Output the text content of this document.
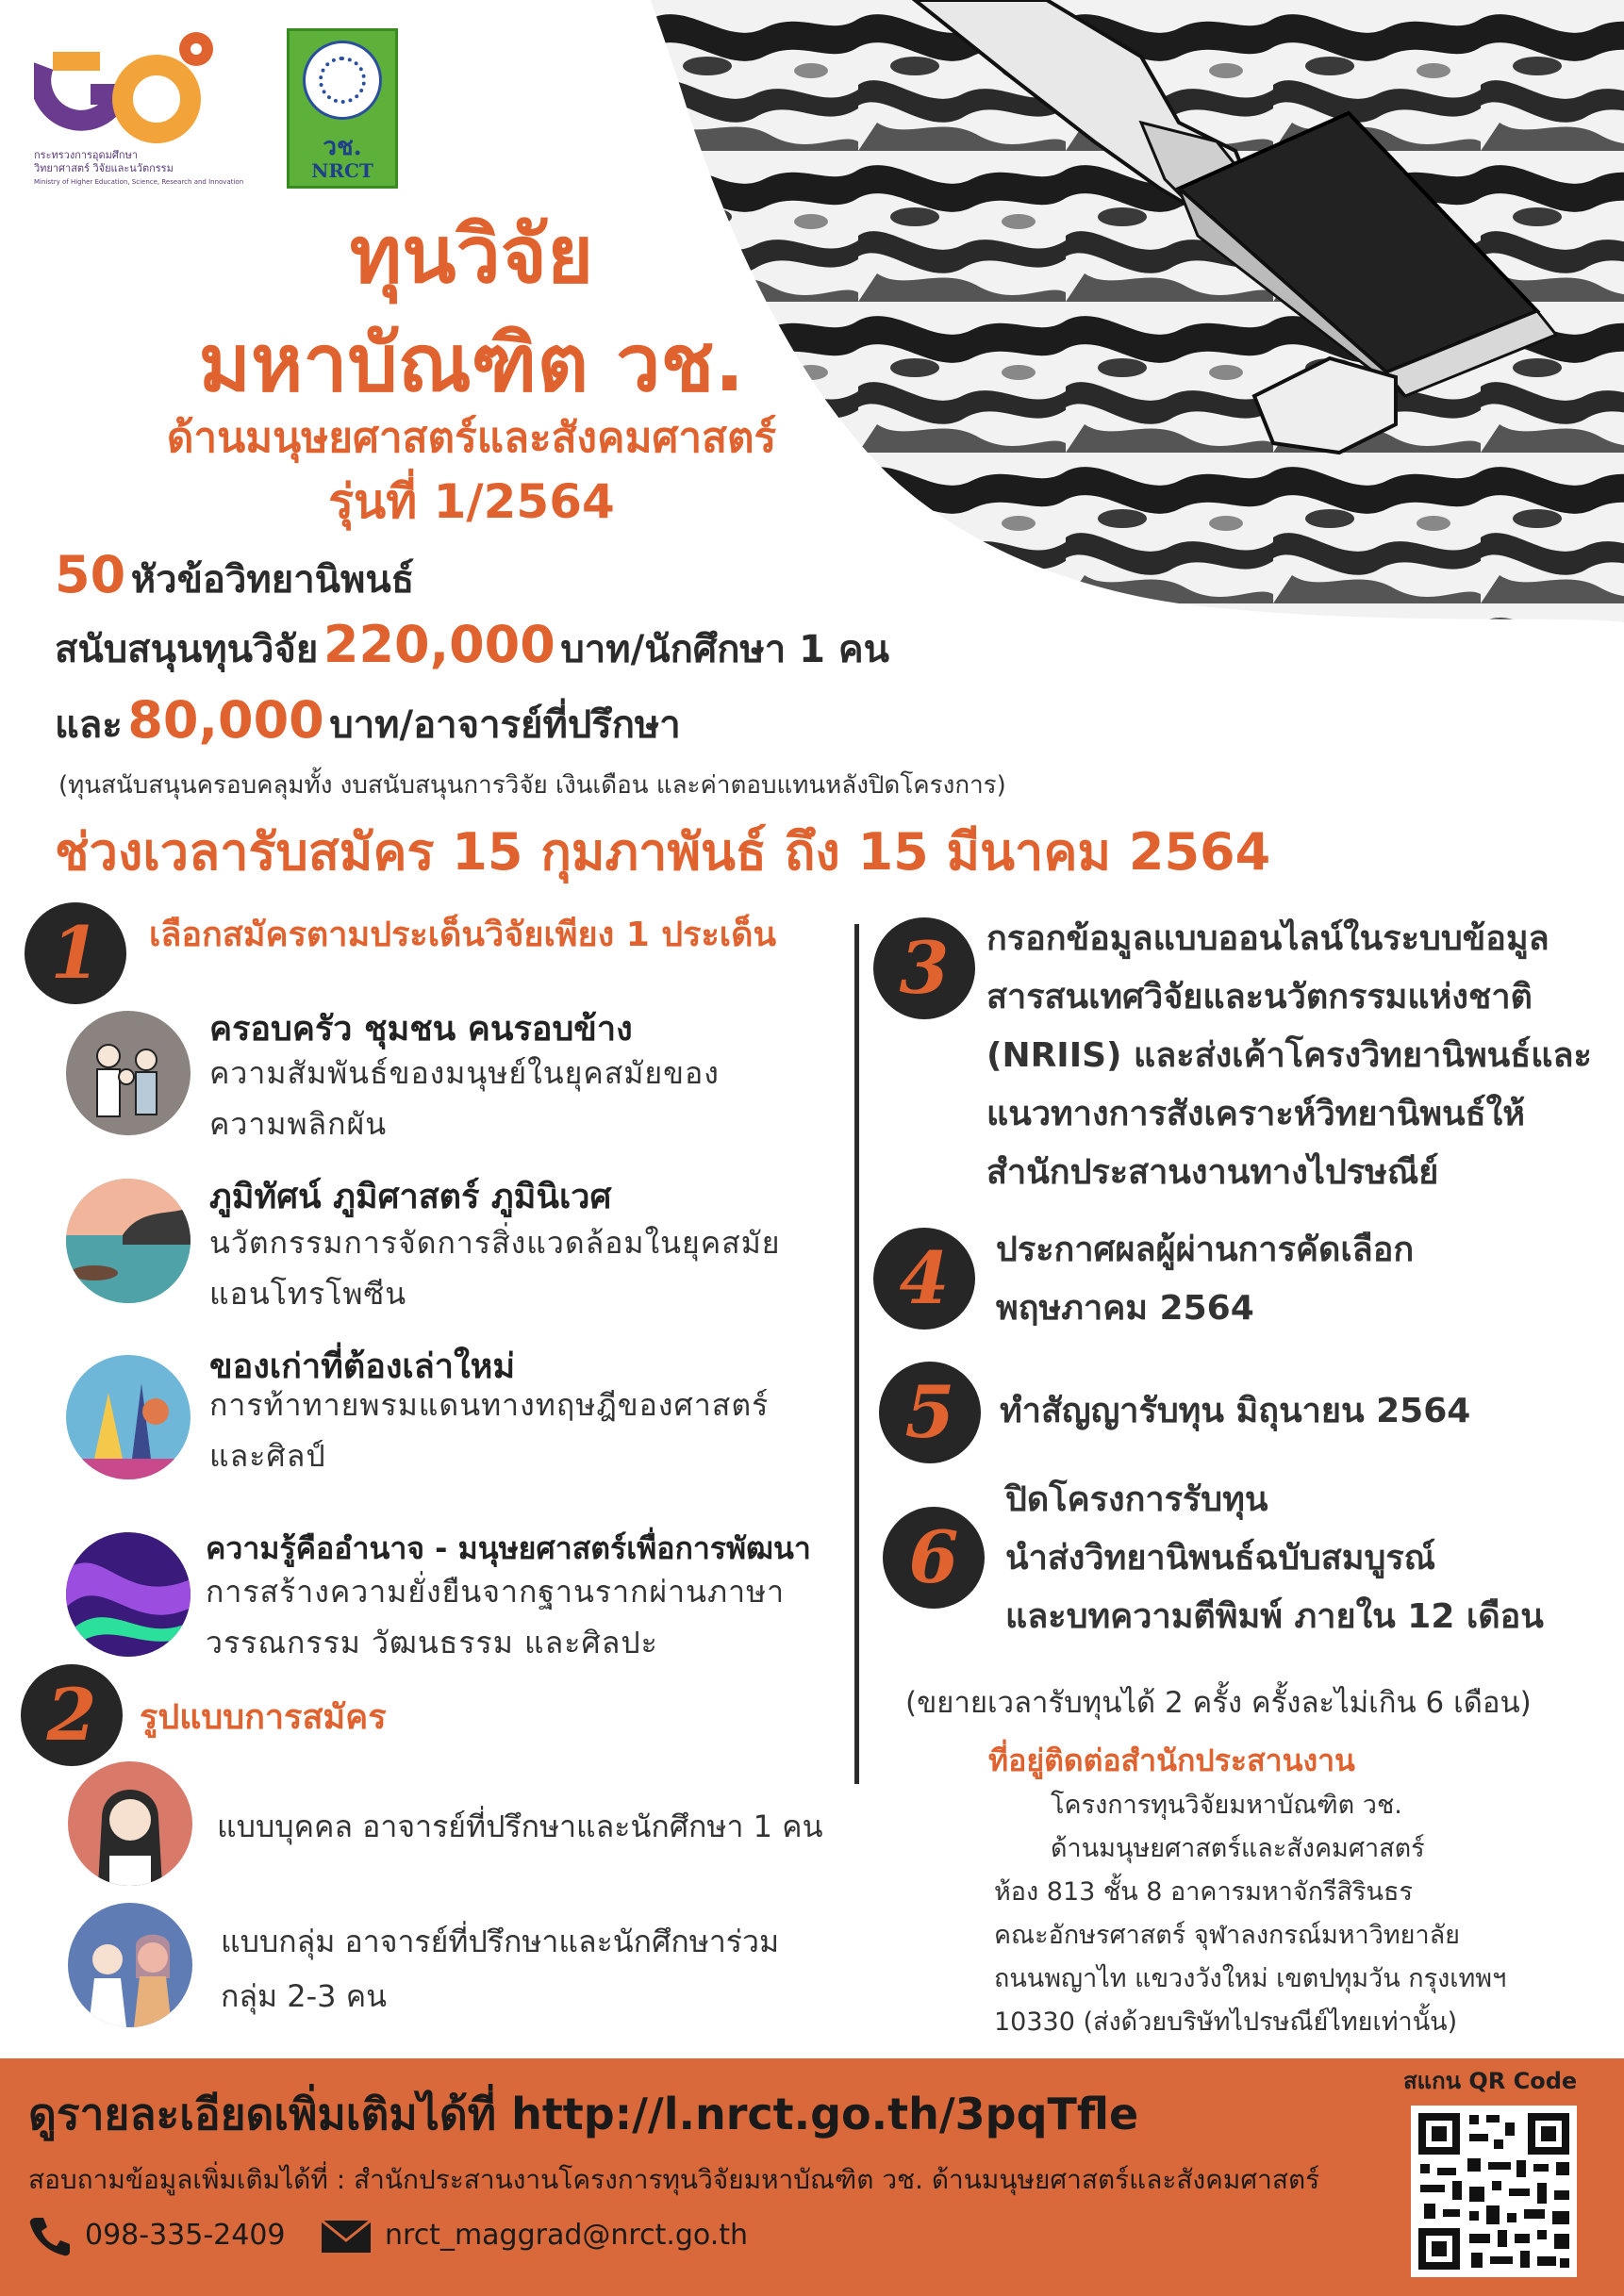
กระทรวงการอุดมศึกษา
วิทยาศาสตร์ วิจัยและนวัตกรรม
Ministry of Higher Education, Science, Research and Innovation
วช.
NRCT
ทุนวิจัย
มหาบัณฑิต วช.
ด้านมนุษยศาสตร์และสังคมศาสตร์
รุ่นที่ 1/2564
50 หัวข้อวิทยานิพนธ์
สนับสนุนทุนวิจัย 220,000 บาท/นักศึกษา 1 คน
และ 80,000 บาท/อาจารย์ที่ปรึกษา
(ทุนสนับสนุนครอบคลุมทั้ง งบสนับสนุนการวิจัย เงินเดือน และค่าตอบแทนหลังปิดโครงการ)
ช่วงเวลารับสมัคร 15 กุมภาพันธ์ ถึง 15 มีนาคม 2564
1	เลือกสมัครตามประเด็นวิจัยเพียง 1 ประเด็น
ครอบครัว ชุมชน คนรอบข้าง
ความสัมพันธ์ของมนุษย์ในยุคสมัยของ
ความพลิกผัน
ภูมิทัศน์ ภูมิศาสตร์ ภูมินิเวศ
นวัตกรรมการจัดการสิ่งแวดล้อมในยุคสมัย
แอนโทรโพซีน
ของเก่าที่ต้องเล่าใหม่
การท้าทายพรมแดนทางทฤษฎีของศาสตร์
และศิลป์
ความรู้คืออำนาจ - มนุษยศาสตร์เพื่อการพัฒนา
การสร้างความยั่งยืนจากฐานรากผ่านภาษา
วรรณกรรม วัฒนธรรม และศิลปะ
2	รูปแบบการสมัคร
แบบบุคคล อาจารย์ที่ปรึกษาและนักศึกษา 1 คน
แบบกลุ่ม อาจารย์ที่ปรึกษาและนักศึกษาร่วม
กลุ่ม 2-3 คน
3	กรอกข้อมูลแบบออนไลน์ในระบบข้อมูล
สารสนเทศวิจัยและนวัตกรรมแห่งชาติ
(NRIIS) และส่งเค้าโครงวิทยานิพนธ์และ
แนวทางการสังเคราะห์วิทยานิพนธ์ให้
สำนักประสานงานทางไปรษณีย์
4	ประกาศผลผู้ผ่านการคัดเลือก
พฤษภาคม 2564
5	ทำสัญญารับทุน มิถุนายน 2564
6
ปิดโครงการรับทุน
นำส่งวิทยานิพนธ์ฉบับสมบูรณ์
และบทความตีพิมพ์ ภายใน 12 เดือน
(ขยายเวลารับทุนได้ 2 ครั้ง ครั้งละไม่เกิน 6 เดือน)
ที่อยู่ติดต่อสำนักประสานงาน
โครงการทุนวิจัยมหาบัณฑิต วช.
ด้านมนุษยศาสตร์และสังคมศาสตร์
ห้อง 813 ชั้น 8 อาคารมหาจักรีสิรินธร
คณะอักษรศาสตร์ จุฬาลงกรณ์มหาวิทยาลัย
ถนนพญาไท แขวงวังใหม่ เขตปทุมวัน กรุงเทพฯ
10330 (ส่งด้วยบริษัทไปรษณีย์ไทยเท่านั้น)
สแกน QR Code
ดูรายละเอียดเพิ่มเติมได้ที่ http://l.nrct.go.th/3pqTfle
สอบถามข้อมูลเพิ่มเติมได้ที่ : สำนักประสานงานโครงการทุนวิจัยมหาบัณฑิต วช. ด้านมนุษยศาสตร์และสังคมศาสตร์
098-335-2409	nrct_maggrad@nrct.go.th
